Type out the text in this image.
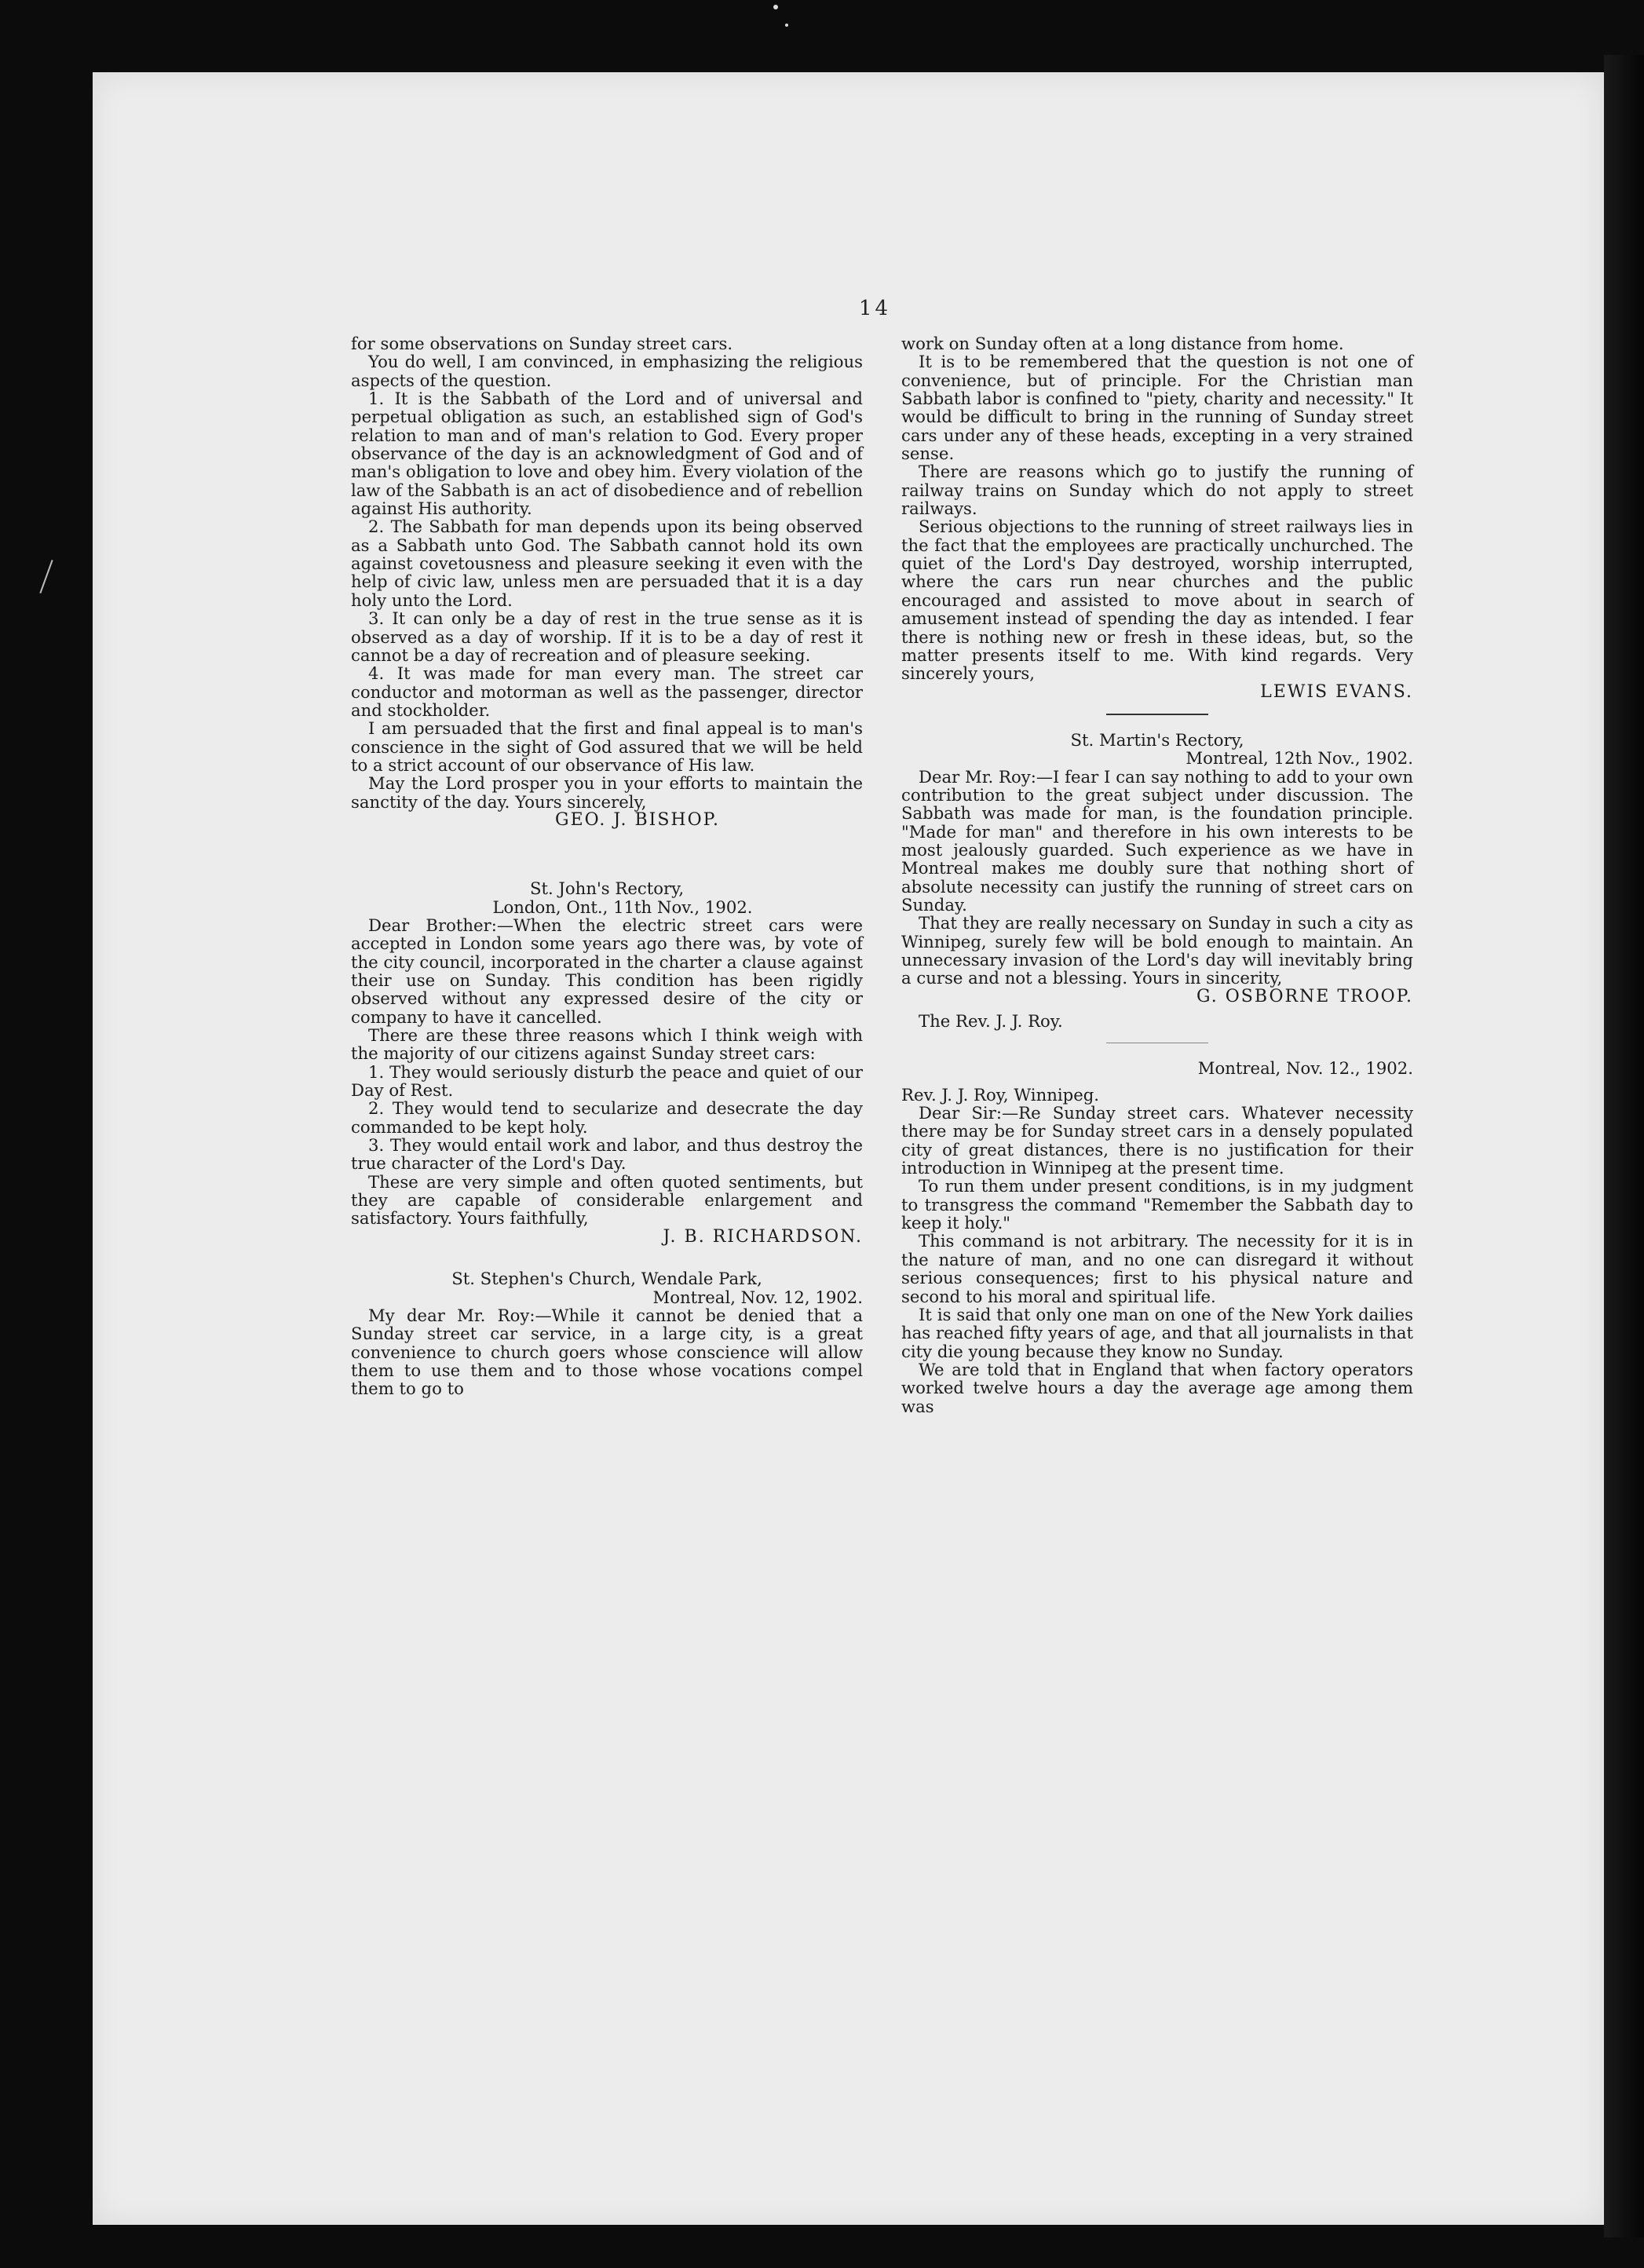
14

for some observations on Sunday street cars.

You do well, I am convinced, in emphasizing the religious aspects of the question.

1. It is the Sabbath of the Lord and of universal and perpetual obligation as such, an established sign of God's relation to man and of man's relation to God. Every proper observance of the day is an acknowledgment of God and of man's obligation to love and obey him. Every violation of the law of the Sabbath is an act of disobedience and of rebellion against His authority.

2. The Sabbath for man depends upon its being observed as a Sabbath unto God. The Sabbath cannot hold its own against covetousness and pleasure seeking it even with the help of civic law, unless men are persuaded that it is a day holy unto the Lord.

3. It can only be a day of rest in the true sense as it is observed as a day of worship. If it is to be a day of rest it cannot be a day of recreation and of pleasure seeking.

4. It was made for man every man. The street car conductor and motorman as well as the passenger, director and stockholder.

I am persuaded that the first and final appeal is to man's conscience in the sight of God assured that we will be held to a strict account of our observance of His law.

May the Lord prosper you in your efforts to maintain the sanctity of the day. Yours sincerely,

GEO. J. BISHOP.

St. John's Rectory,

London, Ont., 11th Nov., 1902.

Dear Brother:—When the electric street cars were accepted in London some years ago there was, by vote of the city council, incorporated in the charter a clause against their use on Sunday. This condition has been rigidly observed without any expressed desire of the city or company to have it cancelled.

There are these three reasons which I think weigh with the majority of our citizens against Sunday street cars:

1. They would seriously disturb the peace and quiet of our Day of Rest.

2. They would tend to secularize and desecrate the day commanded to be kept holy.

3. They would entail work and labor, and thus destroy the true character of the Lord's Day.

These are very simple and often quoted sentiments, but they are capable of considerable enlargement and satisfactory. Yours faithfully,

J. B. RICHARDSON.

St. Stephen's Church, Wendale Park,

Montreal, Nov. 12, 1902.

My dear Mr. Roy:—While it cannot be denied that a Sunday street car service, in a large city, is a great convenience to church goers whose conscience will allow them to use them and to those whose vocations compel them to go to

work on Sunday often at a long distance from home.

It is to be remembered that the question is not one of convenience, but of principle. For the Christian man Sabbath labor is confined to "piety, charity and necessity." It would be difficult to bring in the running of Sunday street cars under any of these heads, excepting in a very strained sense.

There are reasons which go to justify the running of railway trains on Sunday which do not apply to street railways.

Serious objections to the running of street railways lies in the fact that the employees are practically unchurched. The quiet of the Lord's Day destroyed, worship interrupted, where the cars run near churches and the public encouraged and assisted to move about in search of amusement instead of spending the day as intended. I fear there is nothing new or fresh in these ideas, but, so the matter presents itself to me. With kind regards. Very sincerely yours,

LEWIS EVANS.

St. Martin's Rectory,

Montreal, 12th Nov., 1902.

Dear Mr. Roy:—I fear I can say nothing to add to your own contribution to the great subject under discussion. The Sabbath was made for man, is the foundation principle. "Made for man" and therefore in his own interests to be most jealously guarded. Such experience as we have in Montreal makes me doubly sure that nothing short of absolute necessity can justify the running of street cars on Sunday.

That they are really necessary on Sunday in such a city as Winnipeg, surely few will be bold enough to maintain. An unnecessary invasion of the Lord's day will inevitably bring a curse and not a blessing. Yours in sincerity,

G. OSBORNE TROOP.

The Rev. J. J. Roy.

Montreal, Nov. 12., 1902.

Rev. J. J. Roy, Winnipeg.

Dear Sir:—Re Sunday street cars. Whatever necessity there may be for Sunday street cars in a densely populated city of great distances, there is no justification for their introduction in Winnipeg at the present time.

To run them under present conditions, is in my judgment to transgress the command "Remember the Sabbath day to keep it holy."

This command is not arbitrary. The necessity for it is in the nature of man, and no one can disregard it without serious consequences; first to his physical nature and second to his moral and spiritual life.

It is said that only one man on one of the New York dailies has reached fifty years of age, and that all journalists in that city die young because they know no Sunday.

We are told that in England that when factory operators worked twelve hours a day the average age among them was
